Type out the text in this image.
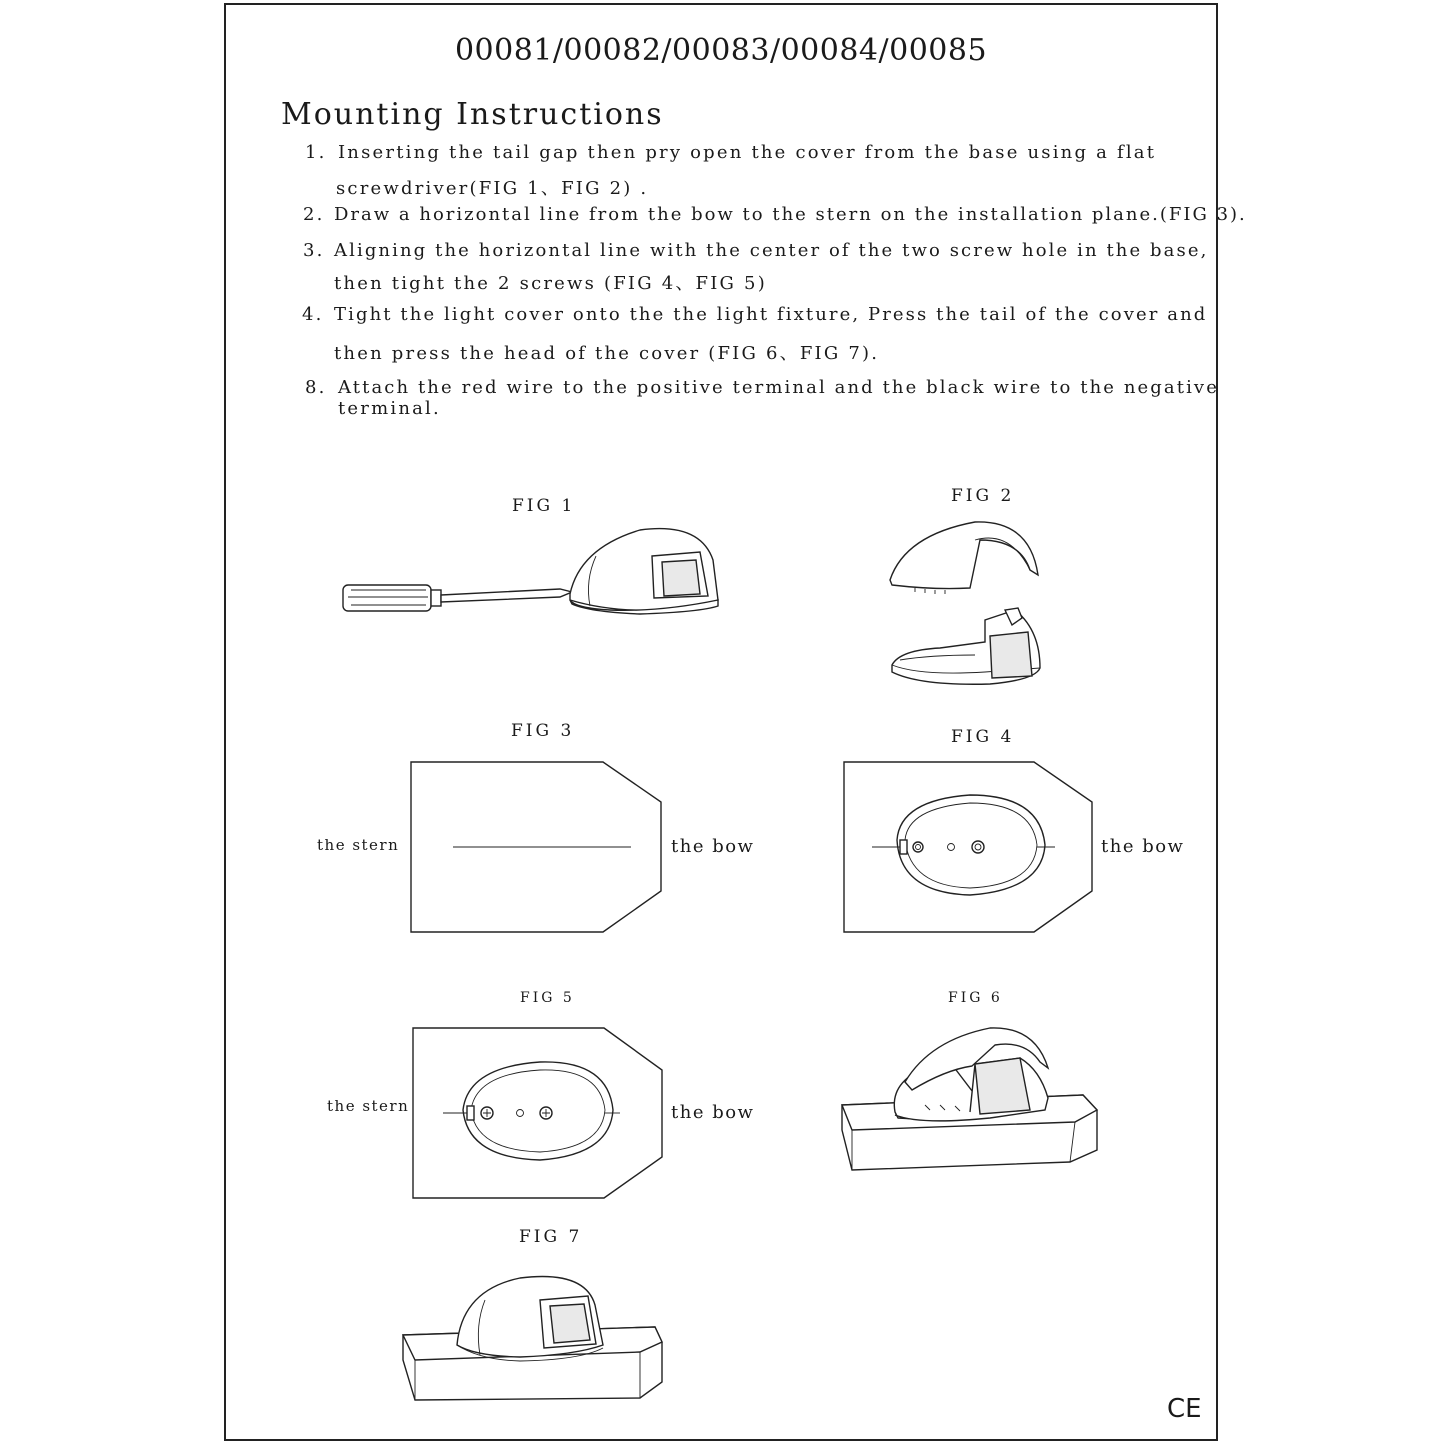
00081/00082/00083/00084/00085
Mounting Instructions
1. Inserting the tail gap then pry open the cover from the base using a flat
screwdriver(FIG 1、FIG 2) .
2. Draw a horizontal line from the bow to the stern on the installation plane.(FIG 3).
3. Aligning the horizontal line with the center of the two screw hole in the base,
then tight the 2 screws (FIG 4、FIG 5)
4. Tight the light cover onto the the light fixture, Press the tail of the cover and
then press the head of the cover (FIG 6、FIG 7).
8. Attach the red wire to the positive terminal and the black wire to the negative
terminal.
FIG 1	FIG 2
FIG 3	FIG 4
FIG 5	FIG 6
FIG 7
the stern	the bow	the bow
the stern	the bow
CE
